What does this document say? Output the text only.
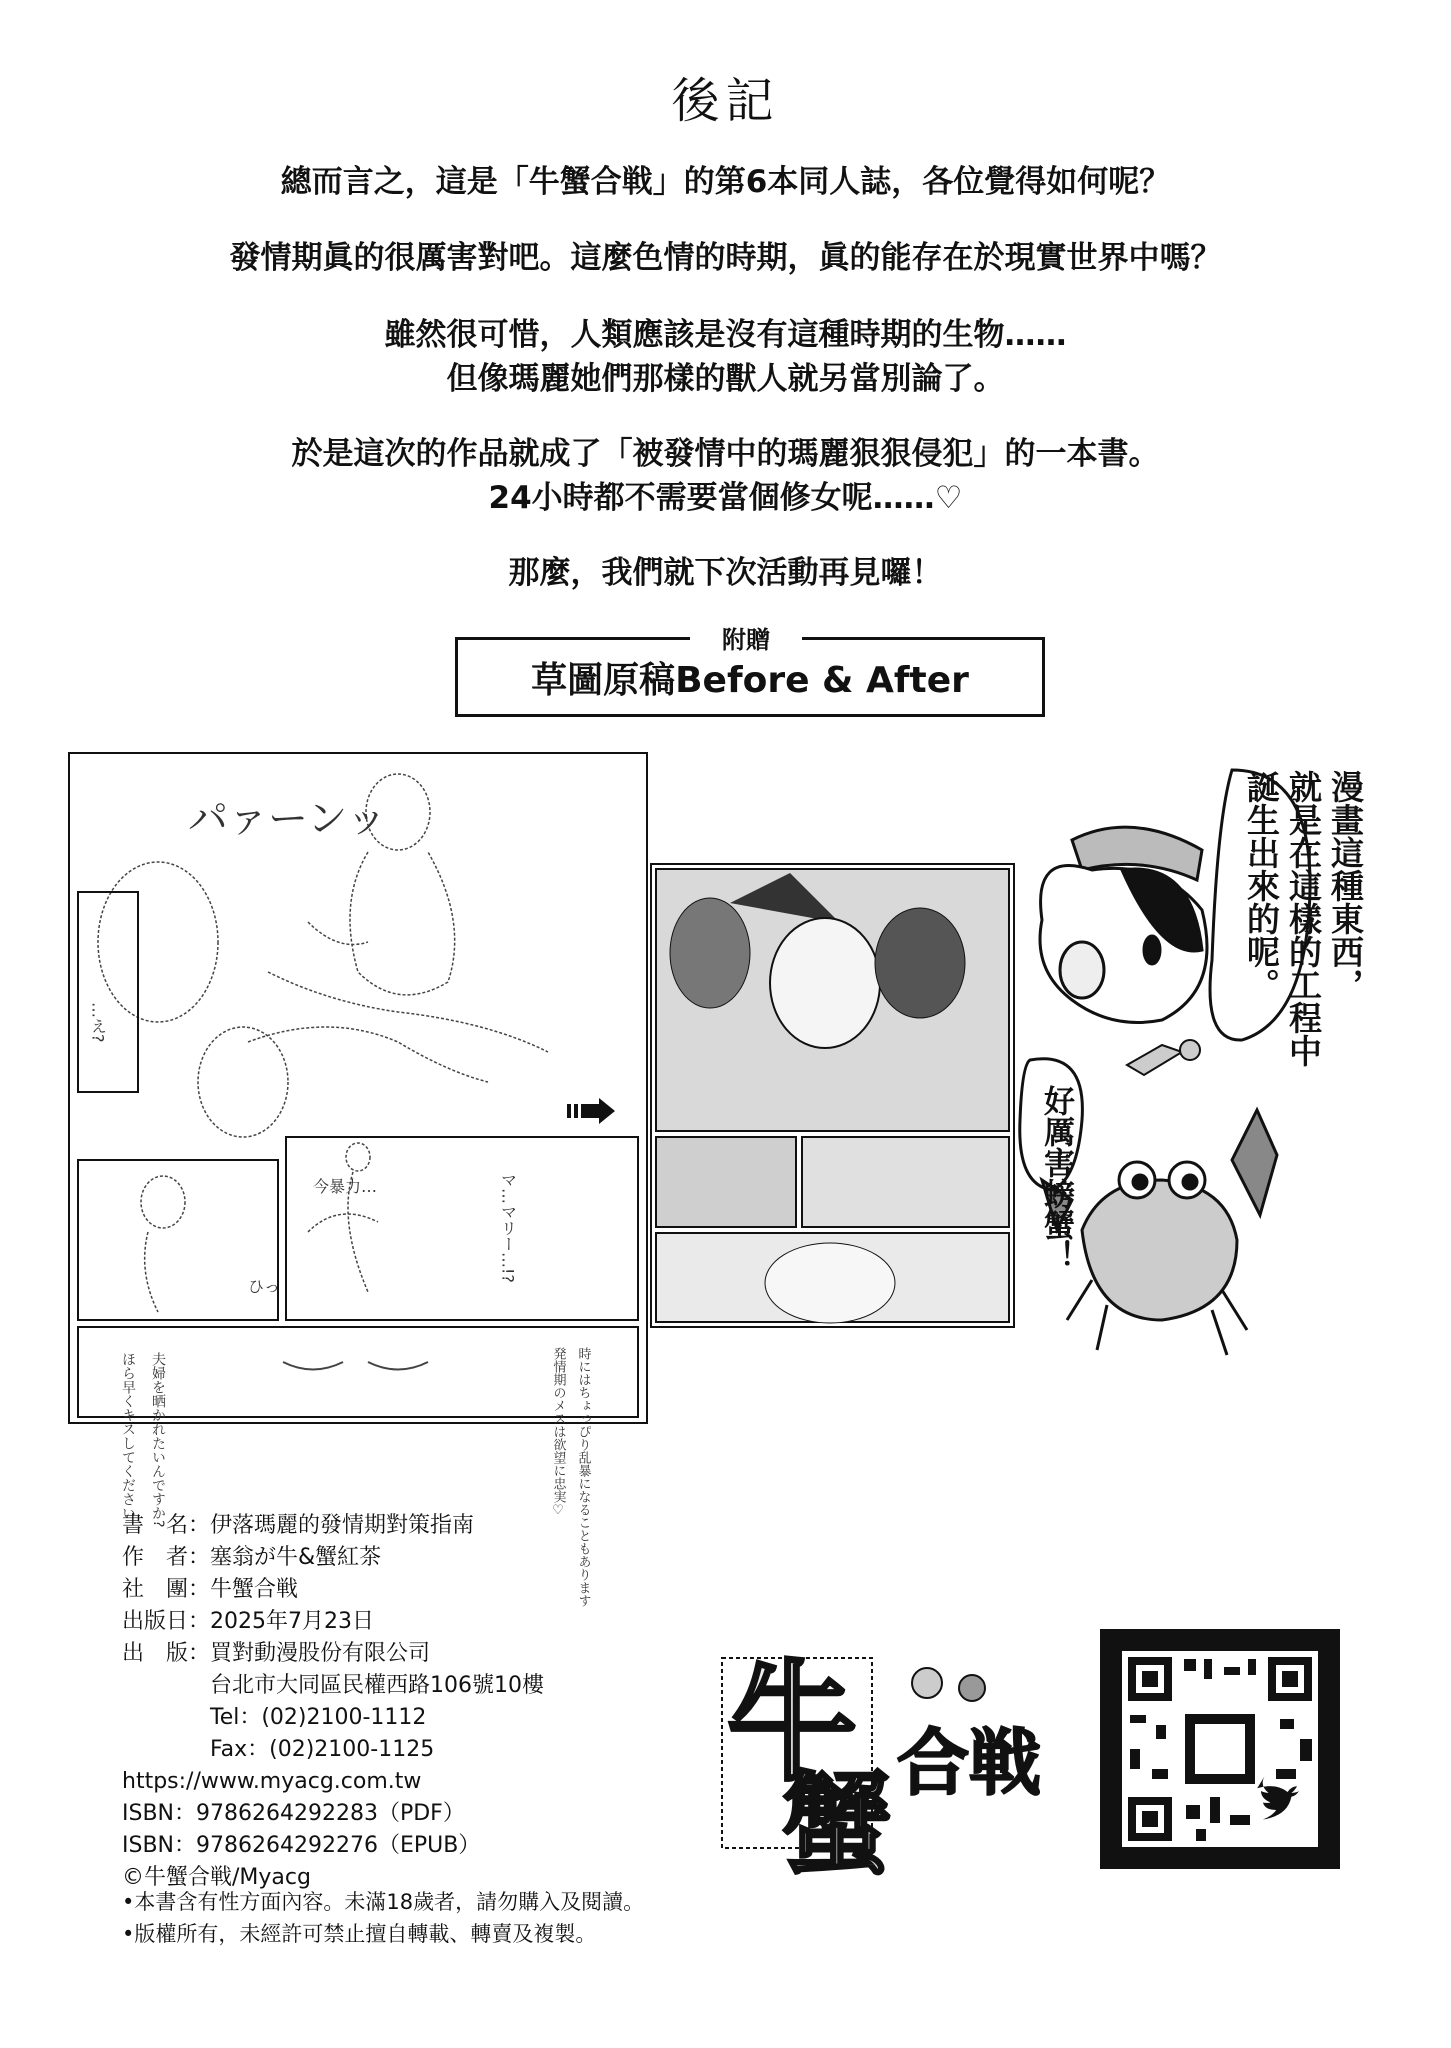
後記
總而言之，這是「牛蟹合戦」的第6本同人誌，各位覺得如何呢？
發情期眞的很厲害對吧。這麼色情的時期，眞的能存在於現實世界中嗎？
雖然很可惜，人類應該是沒有這種時期的生物……
但像瑪麗她們那樣的獸人就另當別論了。
於是這次的作品就成了「被發情中的瑪麗狠狠侵犯」的一本書。
24小時都不需要當個修女呢……♡
那麼，我們就下次活動再見囉！
草圖原稿Before & After
附贈
…え?
パァーンッ
マ…マリー…!?
今暴力…
ひっ
ほら早くキスしてください 夫婦を晒かれたいんですか?	発情期のメスは欲望に忠実♡ 時にはちょっぴり乱暴になることもあります
漫畫這種東西，
就是在這樣的工程中
誕生出來的呢。
好厲害螃蟹！
書　名：伊落瑪麗的發情期對策指南
作　者：塞翁が牛&蟹紅茶
社　團：牛蟹合戦
出版日：2025年7月23日
出　版：買對動漫股份有限公司
　　　　台北市大同區民權西路106號10樓
　　　　Tel：(02)2100-1112
　　　　Fax：(02)2100-1125
https://www.myacg.com.tw
ISBN：9786264292283（PDF）
ISBN：9786264292276（EPUB）
©牛蟹合戦/Myacg
牛
蟹 合戦
•本書含有性方面內容。未滿18歲者，請勿購入及閱讀。
•版權所有，未經許可禁止擅自轉載、轉賣及複製。
